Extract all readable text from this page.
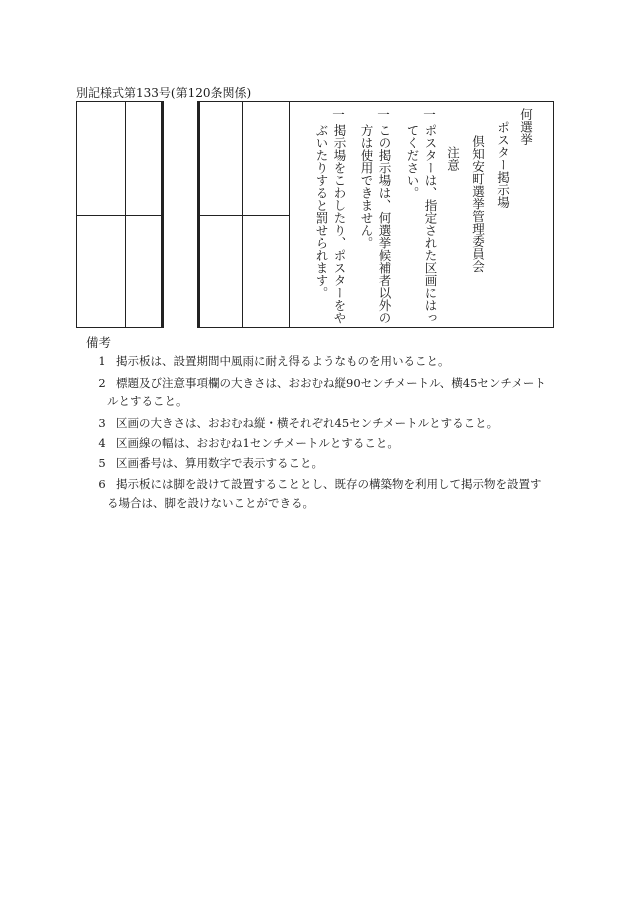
別記様式第133号(第120条関係)
何選挙
ポスター掲示場
倶知安町選挙管理委員会
注意
一
ポスターは、指定された区画にはっ
てください。
一
この掲示場は、何選挙候補者以外の
方は使用できません。
一
掲示場をこわしたり、ポスターをや
ぶいたりすると罰せられます。
備考
1 掲示板は、設置期間中風雨に耐え得るようなものを用いること。
2 標題及び注意事項欄の大きさは、おおむね縦90センチメートル、横45センチメート
ルとすること。
3 区画の大きさは、おおむね縦・横それぞれ45センチメートルとすること。
4 区画線の幅は、おおむね1センチメートルとすること。
5 区画番号は、算用数字で表示すること。
6 掲示板には脚を設けて設置することとし、既存の構築物を利用して掲示物を設置す
る場合は、脚を設けないことができる。
